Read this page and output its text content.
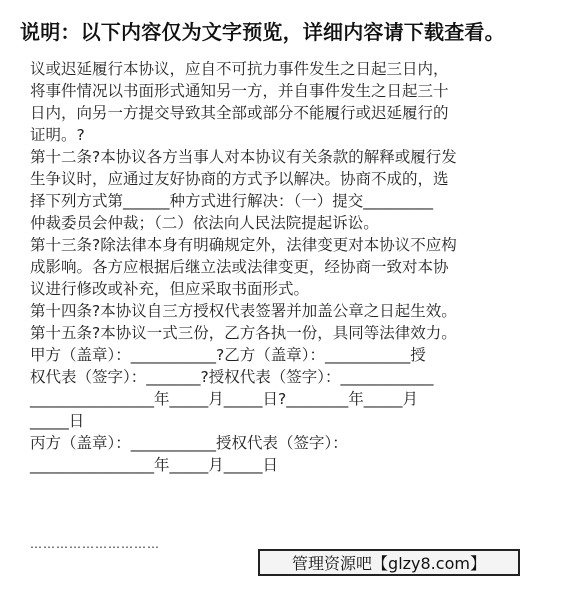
说明：以下内容仅为文字预览，详细内容请下载查看。
议或迟延履行本协议，应自不可抗力事件发生之日起三日内，
将事件情况以书面形式通知另一方，并自事件发生之日起三十
日内，向另一方提交导致其全部或部分不能履行或迟延履行的
证明。?
第十二条?本协议各方当事人对本协议有关条款的解释或履行发
生争议时，应通过友好协商的方式予以解决。协商不成的，选
择下列方式第______种方式进行解决：（一）提交_________
仲裁委员会仲裁；（二）依法向人民法院提起诉讼。
第十三条?除法律本身有明确规定外，法律变更对本协议不应构
成影响。各方应根据后继立法或法律变更，经协商一致对本协
议进行修改或补充，但应采取书面形式。
第十四条?本协议自三方授权代表签署并加盖公章之日起生效。
第十五条?本协议一式三份，乙方各执一份，具同等法律效力。
甲方（盖章）：___________?乙方（盖章）：___________授
权代表（签字）：_______?授权代表（签字）：____________
________________年_____月_____日?________年_____月
_____日
丙方（盖章）：___________授权代表（签字）：
________________年_____月_____日
…………………………
管理资源吧【glzy8.com】
